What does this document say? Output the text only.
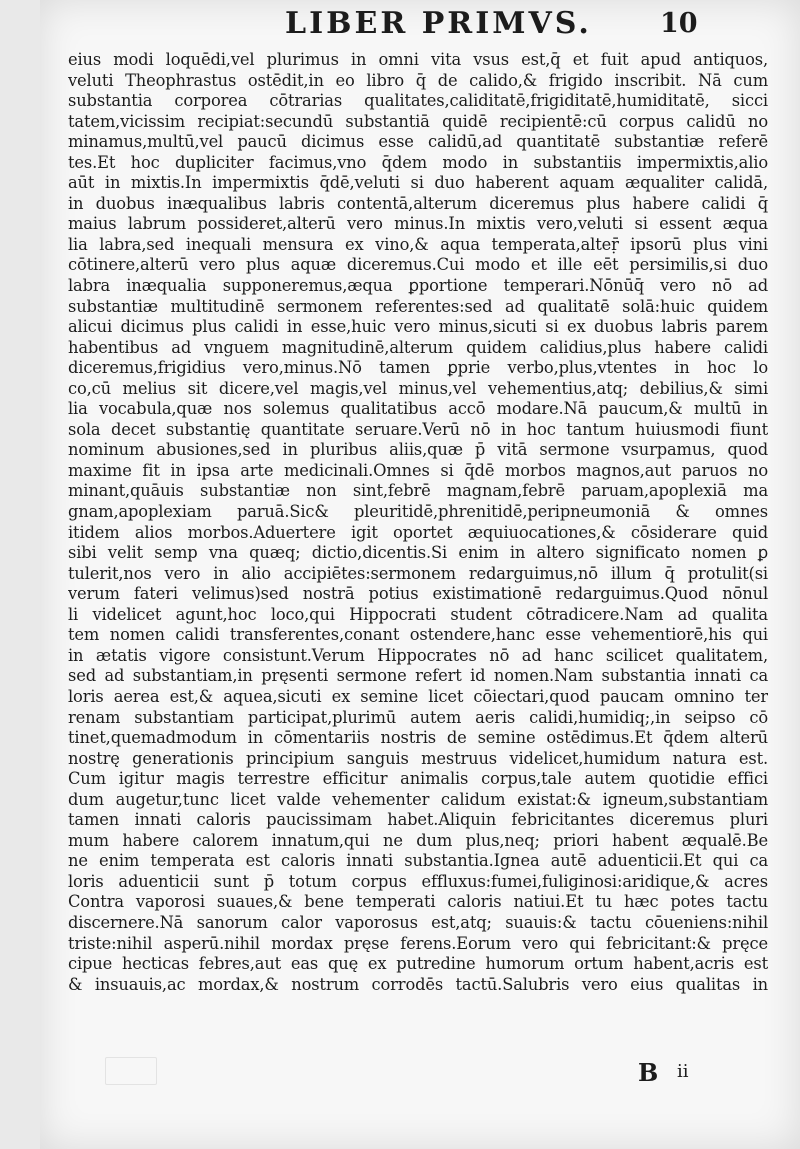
LIBER PRIMVS.	10
eius modi loquēdi,vel plurimus in omni vita vsus est,q̄ et fuit apud antiquos,
veluti Theophrastus ostēdit,in eo libro q̄ de calido,& frigido inscribit. Nā cum
substantia corporea cōtrarias qualitates,caliditatē,frigiditatē,humiditatē, sicci
tatem,vicissim recipiat:secundū substantiā quidē recipientē:cū corpus calidū no
minamus,multū,vel paucū dicimus esse calidū,ad quantitatē substantiæ referē
tes.Et hoc dupliciter facimus,vno q̄dem modo in substantiis impermixtis,alio
aūt in mixtis.In impermixtis q̄dē,veluti si duo haberent aquam æqualiter calidā,
in duobus inæqualibus labris contentā,alterum diceremus plus habere calidi q̄
maius labrum possideret,alterū vero minus.In mixtis vero,veluti si essent æqua
lia labra,sed inequali mensura ex vino,& aqua temperata,alteṝ ipsorū plus vini
cōtinere,alterū vero plus aquæ diceremus.Cui modo et ille eēt persimilis,si duo
labra inæqualia supponeremus,æqua ꝑportione temperari.Nōnūq̄ vero nō ad
substantiæ multitudinē sermonem referentes:sed ad qualitatē solā:huic quidem
alicui dicimus plus calidi in esse,huic vero minus,sicuti si ex duobus labris parem
habentibus ad vnguem magnitudinē,alterum quidem calidius,plus habere calidi
diceremus,frigidius vero,minus.Nō tamen ꝑprie verbo,plus,vtentes in hoc lo
co,cū melius sit dicere,vel magis,vel minus,vel vehementius,atq; debilius,& simi
lia vocabula,quæ nos solemus qualitatibus accō modare.Nā paucum,& multū in
sola decet substantię quantitate seruare.Verū nō in hoc tantum huiusmodi fiunt
nominum abusiones,sed in pluribus aliis,quæ p̄ vitā sermone vsurpamus, quod
maxime fit in ipsa arte medicinali.Omnes si q̄dē morbos magnos,aut paruos no
minant,quāuis substantiæ non sint,febrē magnam,febrē paruam,apoplexiā ma
gnam,apoplexiam paruā.Sic& pleuritidē,phrenitidē,peripneumoniā & omnes
itidem alios morbos.Aduertere igit̄ oportet æquiuocationes,& cōsiderare quid
sibi velit semp vna quæq; dictio,dicentis.Si enim in altero significato nomen ꝑ
tulerit,nos vero in alio accipiētes:sermonem redarguimus,nō illum q̄ protulit(si
verum fateri velimus)sed nostrā potius existimationē redarguimus.Quod nōnul
li videlicet agunt,hoc loco,qui Hippocrati student cōtradicere.Nam ad qualita
tem nomen calidi transferentes,conant̄ ostendere,hanc esse vehementiorē,his qui
in ætatis vigore consistunt.Verum Hippocrates nō ad hanc scilicet qualitatem,
sed ad substantiam,in pręsenti sermone refert id nomen.Nam substantia innati ca
loris aerea est,& aquea,sicuti ex semine licet cōiectari,quod paucam omnino ter
renam substantiam participat,plurimū autem aeris calidi,humidiq;,in seipso cō
tinet,quemadmodum in cōmentariis nostris de semine ostēdimus.Et q̄dem alterū
nostrę generationis principium sanguis mestruus videlicet,humidum natura est.
Cum igitur magis terrestre efficitur animalis corpus,tale autem quotidie effici
dum augetur,tunc licet valde vehementer calidum existat:& igneum,substantiam
tamen innati caloris paucissimam habet.Aliquin febricitantes diceremus pluri
mum habere calorem innatum,qui ne dum plus,neq; priori habent æqualē.Be
ne enim temperata est caloris innati substantia.Ignea autē aduenticii.Et qui ca
loris aduenticii sunt p̄ totum corpus effluxus:fumei,fuliginosi:aridique,& acres
Contra vaporosi suaues,& bene temperati caloris natiui.Et tu hæc potes tactu
discernere.Nā sanorum calor vaporosus est,atq; suauis:& tactu cōueniens:nihil
triste:nihil asperū.nihil mordax pręse ferens.Eorum vero qui febricitant:& pręce
cipue hecticas febres,aut eas quę ex putredine humorum ortum habent,acris est
& insuauis,ac mordax,& nostrum corrodēs tactū.Salubris vero eius qualitas in
B ii
